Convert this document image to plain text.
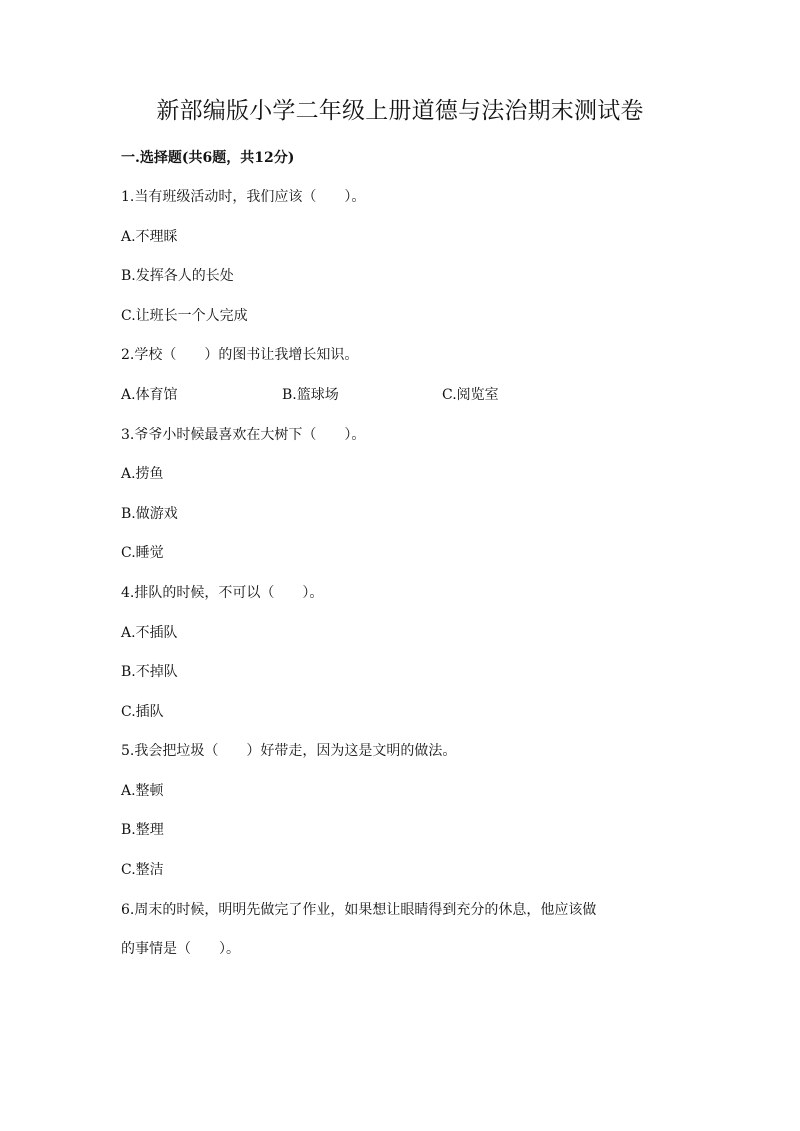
新部编版小学二年级上册道德与法治期末测试卷
一.选择题(共6题，共12分)
1.当有班级活动时，我们应该（　　）。
A.不理睬
B.发挥各人的长处
C.让班长一个人完成
2.学校（　　）的图书让我增长知识。
A.体育馆	B.篮球场	C.阅览室
3.爷爷小时候最喜欢在大树下（　　）。
A.捞鱼
B.做游戏
C.睡觉
4.排队的时候，不可以（　　）。
A.不插队
B.不掉队
C.插队
5.我会把垃圾（　　）好带走，因为这是文明的做法。
A.整顿
B.整理
C.整洁
6.周末的时候，明明先做完了作业，如果想让眼睛得到充分的休息，他应该做
的事情是（　　）。
